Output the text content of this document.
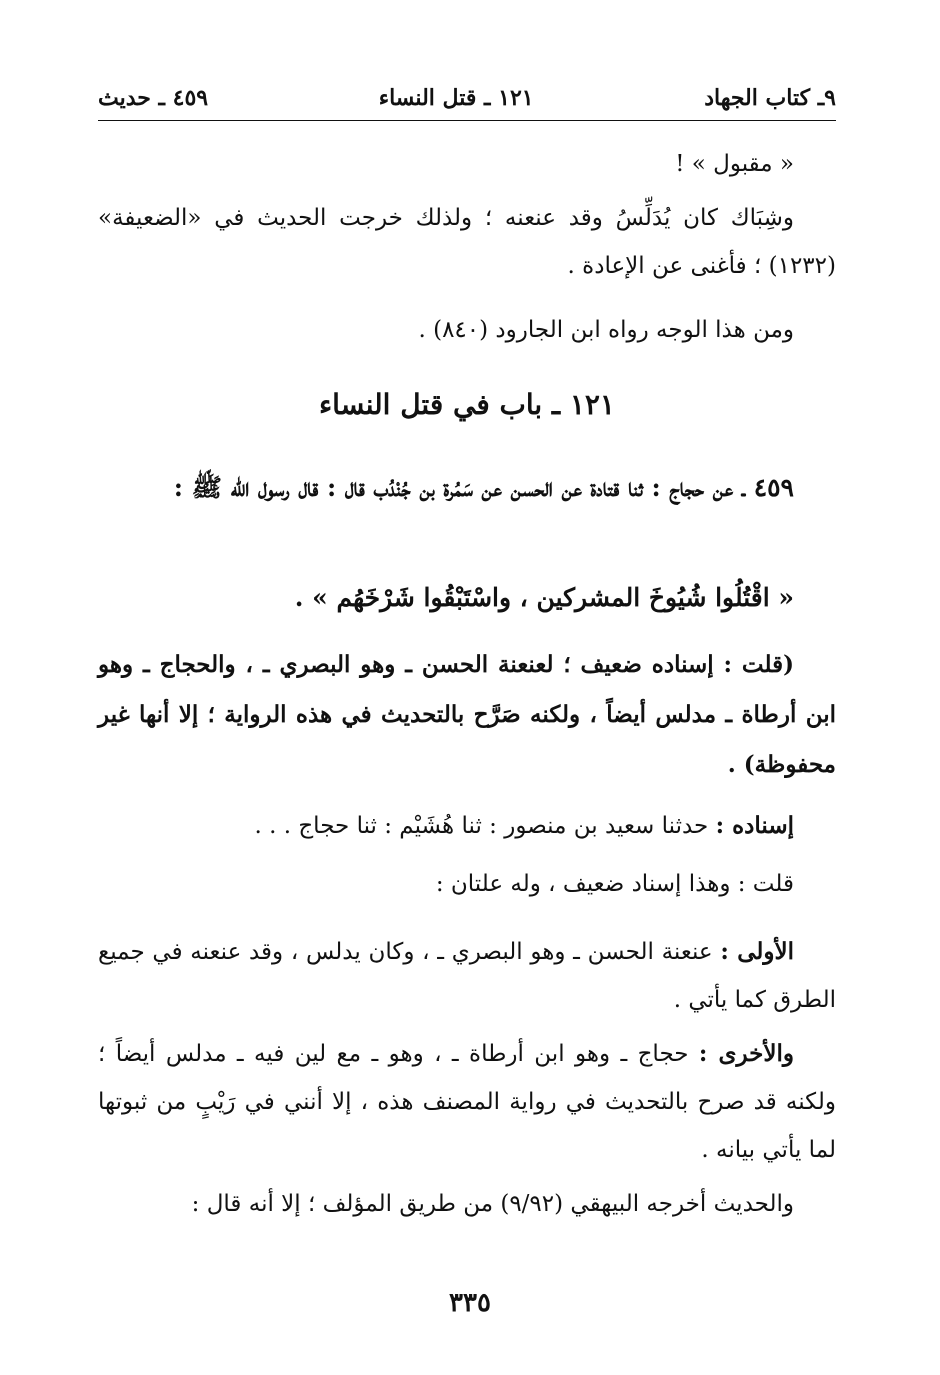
٩ـ كتاب الجهاد
١٢١ ـ قتل النساء
٤٥٩ ـ حديث

« مقبول » !

وشِبَاك كان يُدَلِّسُ وقد عنعنه ؛ ولذلك خرجت الحديث في «الضعيفة» (١٢٣٢) ؛ فأغنى عن الإعادة .

ومن هذا الوجه رواه ابن الجارود (٨٤٠) .

١٢١ ـ باب في قتل النساء

٤٥٩ ـ عن حجاج : ثنا قتادة عن الحسن عن سَمُرة بن جُنْدُب قال : قال رسول الله ﷺ :

« اقْتُلُوا شُيُوخَ المشركين ، واسْتَبْقُوا شَرْخَهُم » .

(قلت : إسناده ضعيف ؛ لعنعنة الحسن ـ وهو البصري ـ ، والحجاج ـ وهو ابن أرطاة ـ مدلس أيضاً ، ولكنه صَرَّح بالتحديث في هذه الرواية ؛ إلا أنها غير محفوظة) .

إسناده : حدثنا سعيد بن منصور : ثنا هُشَيْم : ثنا حجاج . . .

قلت : وهذا إسناد ضعيف ، وله علتان :

الأولى : عنعنة الحسن ـ وهو البصري ـ ، وكان يدلس ، وقد عنعنه في جميع الطرق كما يأتي .

والأخرى : حجاج ـ وهو ابن أرطاة ـ ، وهو ـ مع لين فيه ـ مدلس أيضاً ؛ ولكنه قد صرح بالتحديث في رواية المصنف هذه ، إلا أنني في رَيْبٍ من ثبوتها لما يأتي بيانه .

والحديث أخرجه البيهقي (٩/٩٢) من طريق المؤلف ؛ إلا أنه قال :

٣٣٥
